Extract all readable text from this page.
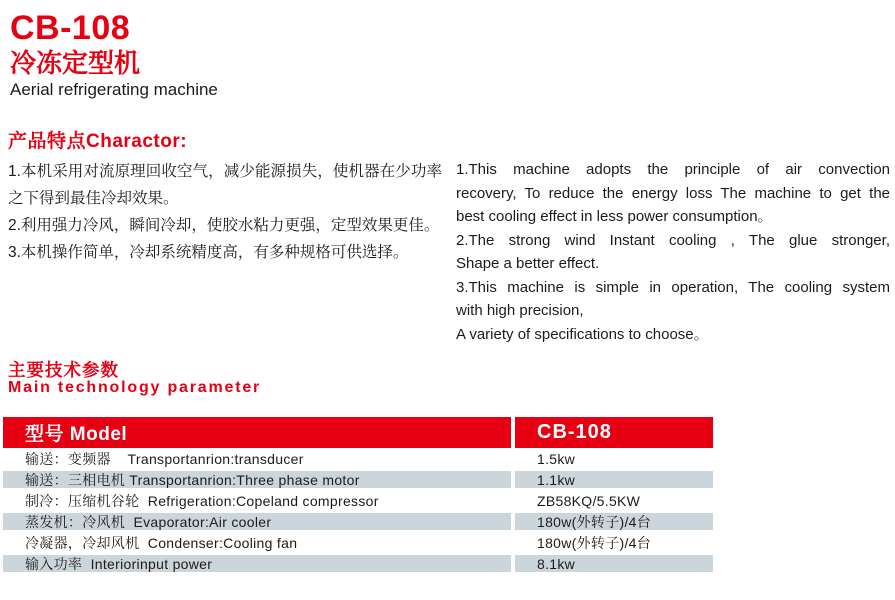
CB-108
冷冻定型机
Aerial refrigerating machine
产品特点Charactor:
1.本机采用对流原理回收空气，减少能源损失，使机器在少功率
之下得到最佳冷却效果。
2.利用强力冷风，瞬间冷却，使胶水粘力更强，定型效果更佳。
3.本机操作简单，冷却系统精度高，有多种规格可供选择。
1.This machine adopts the principle of air convection
recovery, To reduce the energy loss The machine to get the
best cooling effect in less power consumption。
2.The strong wind Instant cooling , The glue stronger,
Shape a better effect.
3.This machine is simple in operation, The cooling system
with high precision,
A variety of specifications to choose。
主要技术参数
Main technology parameter
型号 Model	CB-108
输送：变频器    Transportanrion:transducer	1.5kw
输送：三相电机 Transportanrion:Three phase motor	1.1kw
制冷：压缩机谷轮  Refrigeration:Copeland compressor	ZB58KQ/5.5KW
蒸发机：冷风机  Evaporator:Air cooler	180w(外转子)/4台
冷凝器，冷却风机  Condenser:Cooling fan	180w(外转子)/4台
输入功率  Interiorinput power	8.1kw
